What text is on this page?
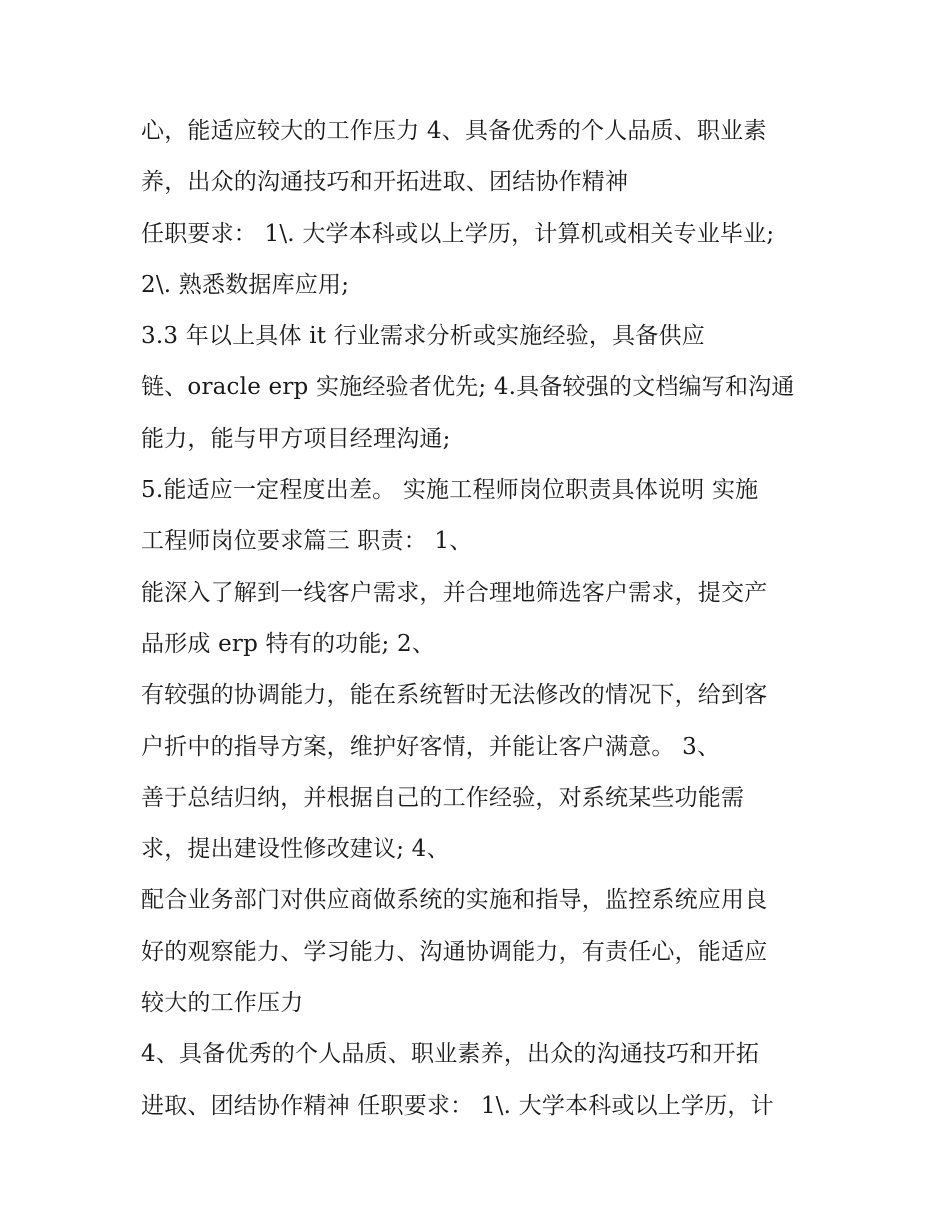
心，能适应较大的工作压力 4、具备优秀的个人品质、职业素
养，出众的沟通技巧和开拓进取、团结协作精神
任职要求： 1\. 大学本科或以上学历，计算机或相关专业毕业;
2\. 熟悉数据库应用;
3.3 年以上具体 it 行业需求分析或实施经验，具备供应
链、oracle erp 实施经验者优先; 4.具备较强的文档编写和沟通
能力，能与甲方项目经理沟通;
5.能适应一定程度出差。 实施工程师岗位职责具体说明 实施
工程师岗位要求篇三 职责： 1、
能深入了解到一线客户需求，并合理地筛选客户需求，提交产
品形成 erp 特有的功能; 2、
有较强的协调能力，能在系统暂时无法修改的情况下，给到客
户折中的指导方案，维护好客情，并能让客户满意。 3、
善于总结归纳，并根据自己的工作经验，对系统某些功能需
求，提出建设性修改建议; 4、
配合业务部门对供应商做系统的实施和指导，监控系统应用良
好的观察能力、学习能力、沟通协调能力，有责任心，能适应
较大的工作压力
4、具备优秀的个人品质、职业素养，出众的沟通技巧和开拓
进取、团结协作精神 任职要求： 1\. 大学本科或以上学历，计
